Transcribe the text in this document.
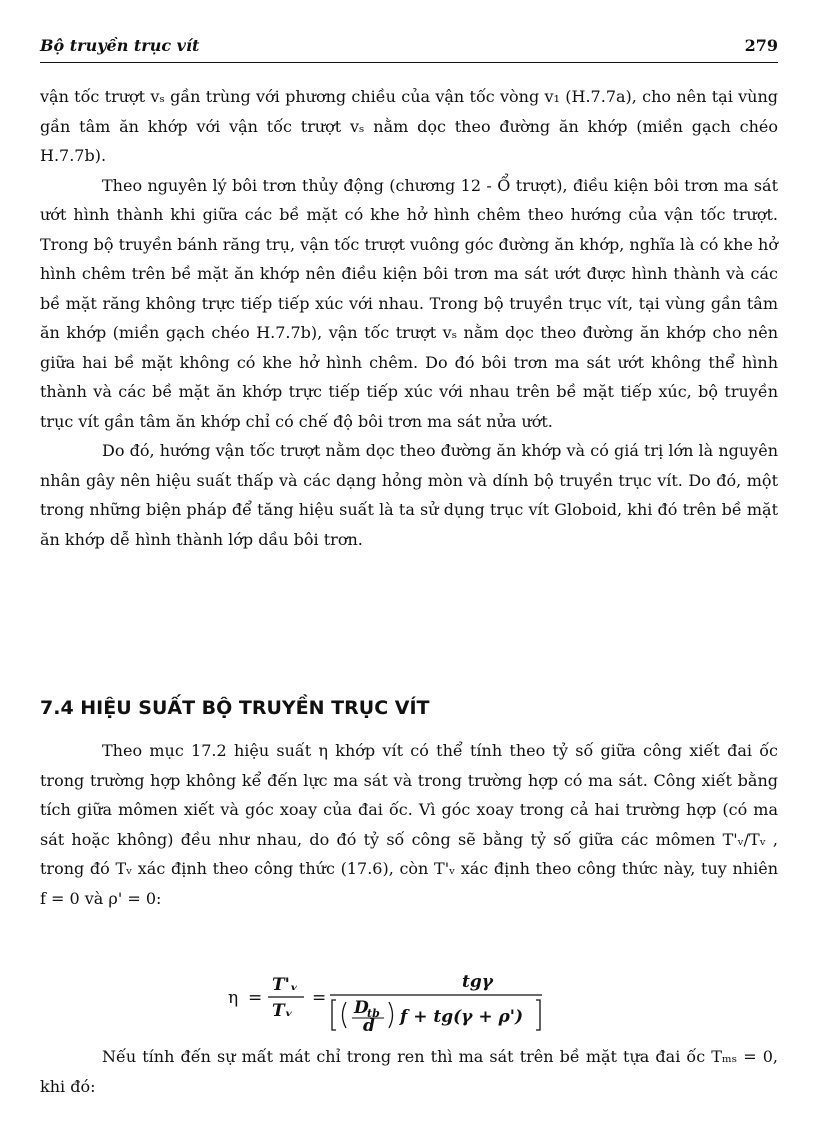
Bộ truyền trục vít	279

vận tốc trượt vₛ gần trùng với phương chiều của vận tốc vòng v₁ (H.7.7a), cho nên tại vùng gần tâm ăn khớp với vận tốc trượt vₛ nằm dọc theo đường ăn khớp (miền gạch chéo H.7.7b).

Theo nguyên lý bôi trơn thủy động (chương 12 - Ổ trượt), điều kiện bôi trơn ma sát ướt hình thành khi giữa các bề mặt có khe hở hình chêm theo hướng của vận tốc trượt. Trong bộ truyền bánh răng trụ, vận tốc trượt vuông góc đường ăn khớp, nghĩa là có khe hở hình chêm trên bề mặt ăn khớp nên điều kiện bôi trơn ma sát ướt được hình thành và các bề mặt răng không trực tiếp tiếp xúc với nhau. Trong bộ truyền trục vít, tại vùng gần tâm ăn khớp (miền gạch chéo H.7.7b), vận tốc trượt vₛ nằm dọc theo đường ăn khớp cho nên giữa hai bề mặt không có khe hở hình chêm. Do đó bôi trơn ma sát ướt không thể hình thành và các bề mặt ăn khớp trực tiếp tiếp xúc với nhau trên bề mặt tiếp xúc, bộ truyền trục vít gần tâm ăn khớp chỉ có chế độ bôi trơn ma sát nửa ướt.

Do đó, hướng vận tốc trượt nằm dọc theo đường ăn khớp và có giá trị lớn là nguyên nhân gây nên hiệu suất thấp và các dạng hỏng mòn và dính bộ truyền trục vít. Do đó, một trong những biện pháp để tăng hiệu suất là ta sử dụng trục vít Globoid, khi đó trên bề mặt ăn khớp dễ hình thành lớp dầu bôi trơn.

7.4 HIỆU SUẤT BỘ TRUYỀN TRỤC VÍT

Theo mục 17.2 hiệu suất η khớp vít có thể tính theo tỷ số giữa công xiết đai ốc trong trường hợp không kể đến lực ma sát và trong trường hợp có ma sát. Công xiết bằng tích giữa mômen xiết và góc xoay của đai ốc. Vì góc xoay trong cả hai trường hợp (có ma sát hoặc không) đều như nhau, do đó tỷ số công sẽ bằng tỷ số giữa các mômen T'ᵥ/Tᵥ , trong đó Tᵥ xác định theo công thức (17.6), còn T'ᵥ xác định theo công thức này, tuy nhiên f = 0 và ρ' = 0:

η =
T'ᵥ
Tᵥ
=
tgγ
D
tb
d f + tg(γ + ρ')

Nếu tính đến sự mất mát chỉ trong ren thì ma sát trên bề mặt tựa đai ốc Tₘₛ = 0, khi đó:
